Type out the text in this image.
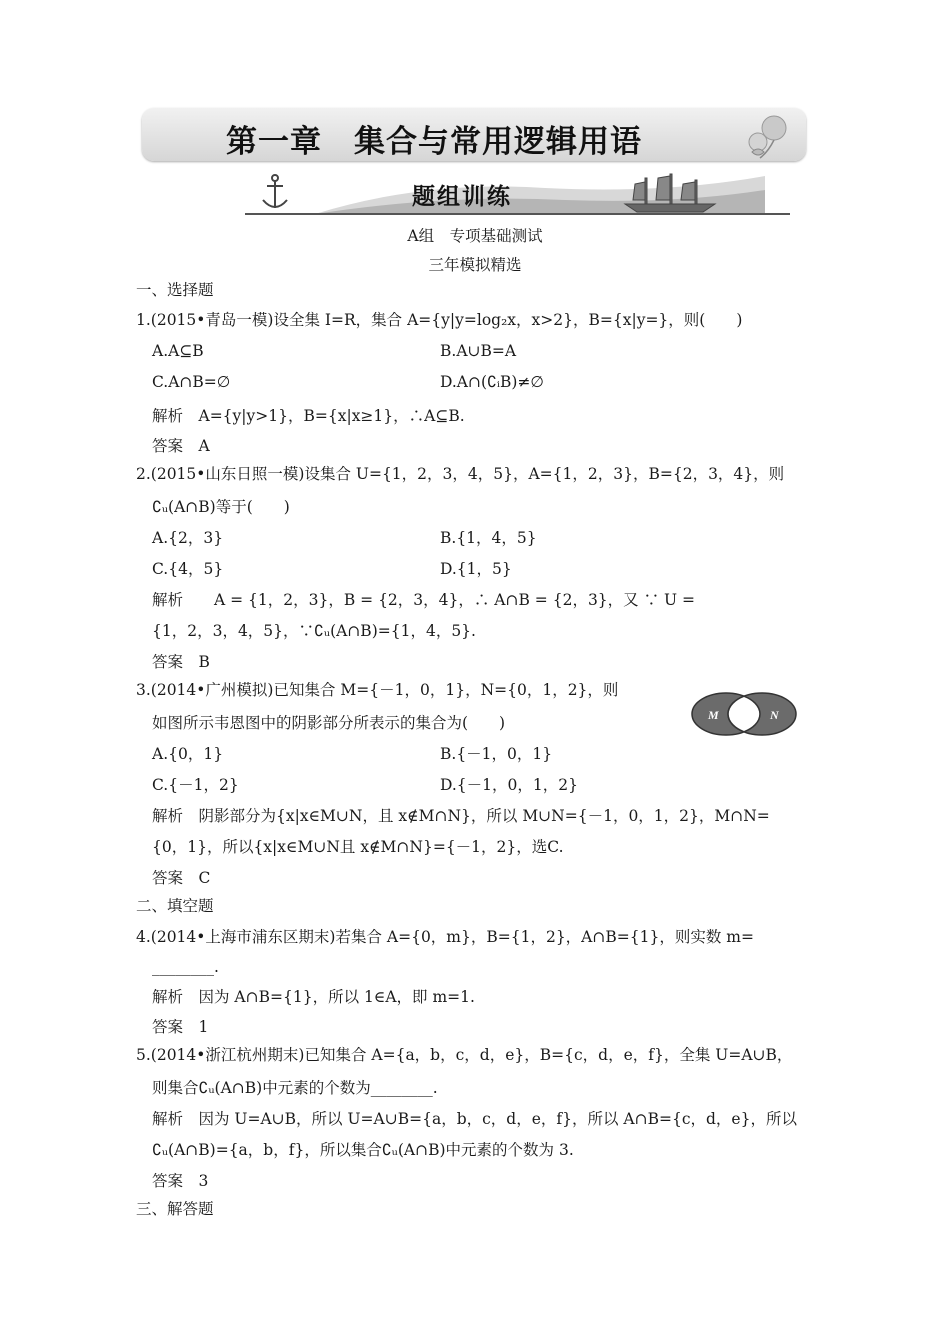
第一章　集合与常用逻辑用语
题组训练
A组　专项基础测试
三年模拟精选
一、选择题
1.(2015•青岛一模)设全集 I=R，集合 A={y|y=log₂x，x>2}，B={x|y=}，则(　　)
A.A⊆B	B.A∪B=A
C.A∩B=∅	D.A∩(∁ᵢB)≠∅
解析　A={y|y>1}，B={x|x≥1}，∴A⊆B.
答案　A
2.(2015•山东日照一模)设集合 U={1，2，3，4，5}，A={1，2，3}，B={2，3，4}，则
∁ᵤ(A∩B)等于(　　)
A.{2，3}	B.{1，4，5}
C.{4，5}	D.{1，5}
解析　　A = {1，2，3}，B = {2，3，4}，∴ A∩B = {2，3}，又 ∵ U =
{1，2，3，4，5}，∵∁ᵤ(A∩B)={1，4，5}.
答案　B
3.(2014•广州模拟)已知集合 M={－1，0，1}，N={0，1，2}，则
如图所示韦恩图中的阴影部分所表示的集合为(　　)	M	N
A.{0，1}	B.{－1，0，1}
C.{－1，2}	D.{－1，0，1，2}
解析　阴影部分为{x|x∈M∪N，且 x∉M∩N}，所以 M∪N={－1，0，1，2}，M∩N=
{0，1}，所以{x|x∈M∪N且 x∉M∩N}={－1，2}，选C.
答案　C
二、填空题
4.(2014•上海市浦东区期末)若集合 A={0，m}，B={1，2}，A∩B={1}，则实数 m=
________.
解析　因为 A∩B={1}，所以 1∈A，即 m=1.
答案　1
5.(2014•浙江杭州期末)已知集合 A={a，b，c，d，e}，B={c，d，e，f}，全集 U=A∪B，
则集合∁ᵤ(A∩B)中元素的个数为________.
解析　因为 U=A∪B，所以 U=A∪B={a，b，c，d，e，f}，所以 A∩B={c，d，e}，所以
∁ᵤ(A∩B)={a，b，f}，所以集合∁ᵤ(A∩B)中元素的个数为 3.
答案　3
三、解答题
